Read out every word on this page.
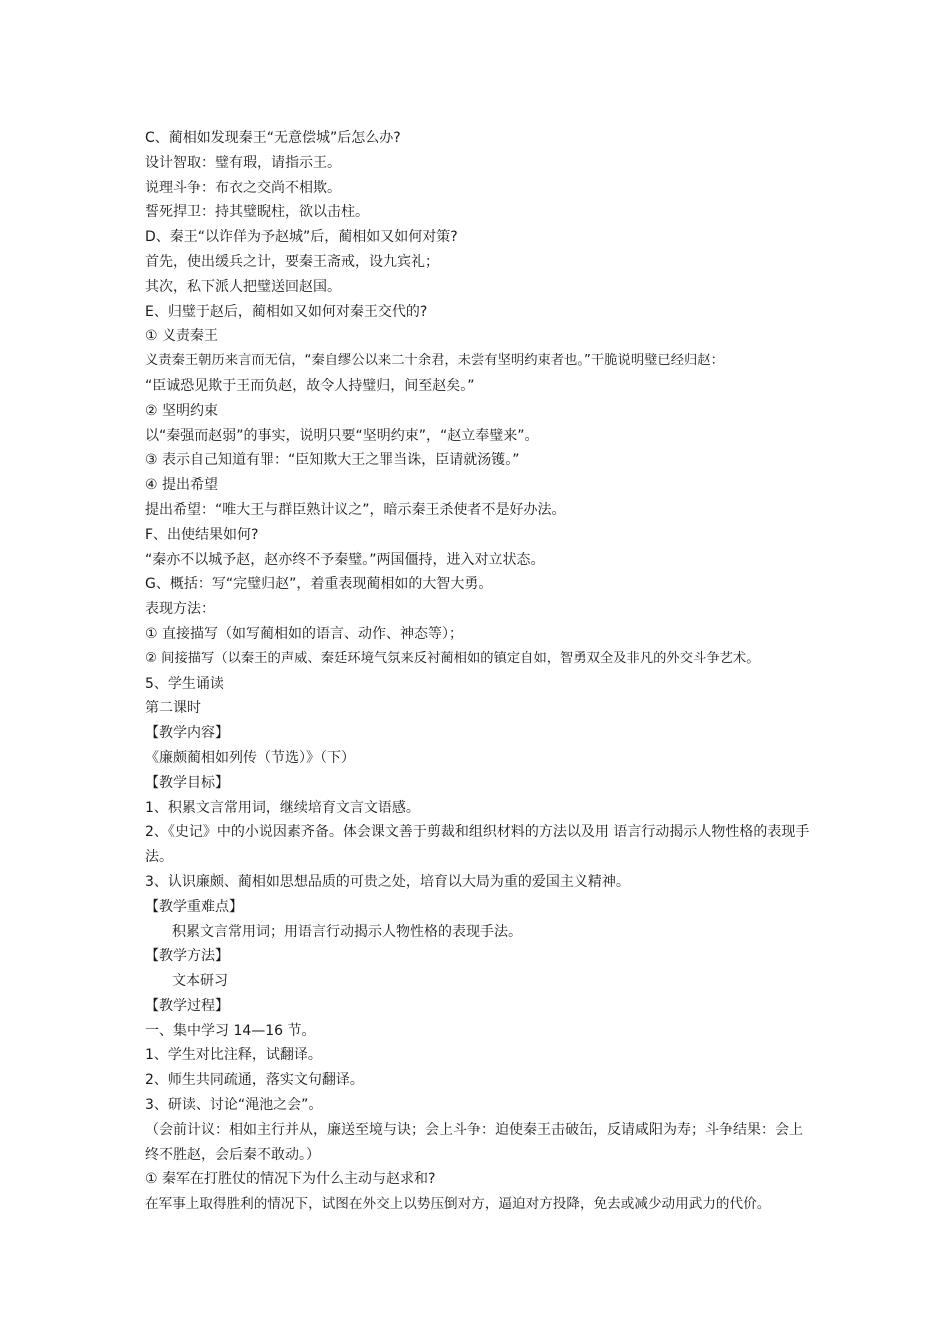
C、蔺相如发现秦王“无意偿城”后怎么办?
设计智取：璧有瑕，请指示王。
说理斗争：布衣之交尚不相欺。
誓死捍卫：持其璧睨柱，欲以击柱。
D、秦王“以诈佯为予赵城”后，蔺相如又如何对策?
首先，使出缓兵之计，要秦王斋戒，设九宾礼；
其次，私下派人把璧送回赵国。
E、归璧于赵后，蔺相如又如何对秦王交代的?
① 义责秦王
义责秦王朝历来言而无信，“秦自缪公以来二十余君，未尝有坚明约束者也。”干脆说明璧已经归赵：
“臣诚恐见欺于王而负赵，故令人持璧归，间至赵矣。”
② 坚明约束
以“秦强而赵弱”的事实，说明只要“坚明约束”，“赵立奉璧来”。
③ 表示自己知道有罪：“臣知欺大王之罪当诛，臣请就汤镬。”
④ 提出希望
提出希望：“唯大王与群臣熟计议之”，暗示秦王杀使者不是好办法。
F、出使结果如何?
“秦亦不以城予赵，赵亦终不予秦璧。”两国僵持，进入对立状态。
G、概括：写“完璧归赵”，着重表现蔺相如的大智大勇。
表现方法：
① 直接描写（如写蔺相如的语言、动作、神态等）；
② 间接描写（以秦王的声威、秦廷环境气氛来反衬蔺相如的镇定自如，智勇双全及非凡的外交斗争艺术。
5、学生诵读
第二课时
【教学内容】
《廉颇蔺相如列传（节选）》（下）
【教学目标】
1、积累文言常用词，继续培育文言文语感。
2、《史记》中的小说因素齐备。体会课文善于剪裁和组织材料的方法以及用 语言行动揭示人物性格的表现手法。
3、认识廉颇、蔺相如思想品质的可贵之处，培育以大局为重的爱国主义精神。
【教学重难点】
积累文言常用词；用语言行动揭示人物性格的表现手法。
【教学方法】
文本研习
【教学过程】
一、集中学习 14—16 节。
1、学生对比注释，试翻译。
2、师生共同疏通，落实文句翻译。
3、研读、讨论“渑池之会”。
（会前计议：相如主行并从，廉送至境与诀；会上斗争：迫使秦王击破缶，反请咸阳为寿；斗争结果：会上终不胜赵，会后秦不敢动。）
① 秦军在打胜仗的情况下为什么主动与赵求和?
在军事上取得胜利的情况下，试图在外交上以势压倒对方，逼迫对方投降，免去或减少动用武力的代价。
